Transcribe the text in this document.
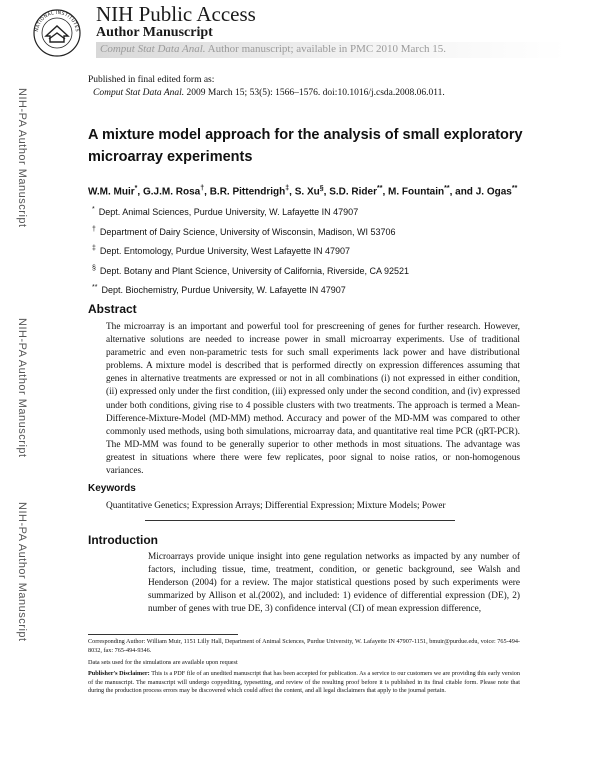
NATIONAL INSTITUTES
NIH Public Access
Author Manuscript
Comput Stat Data Anal. Author manuscript; available in PMC 2010 March 15.
Published in final edited form as:
Comput Stat Data Anal. 2009 March 15; 53(5): 1566–1576. doi:10.1016/j.csda.2008.06.011.
NIH-PA Author Manuscript
NIH-PA Author Manuscript
NIH-PA Author Manuscript
A mixture model approach for the analysis of small exploratory
microarray experiments
W.M. Muir*, G.J.M. Rosa†, B.R. Pittendrigh‡, S. Xu§, S.D. Rider**, M. Fountain**, and J. Ogas**
* Dept. Animal Sciences, Purdue University, W. Lafayette IN 47907
† Department of Dairy Science, University of Wisconsin, Madison, WI 53706
‡ Dept. Entomology, Purdue University, West Lafayette IN 47907
§ Dept. Botany and Plant Science, University of California, Riverside, CA 92521
** Dept. Biochemistry, Purdue University, W. Lafayette IN 47907
Abstract
The microarray is an important and powerful tool for prescreening of genes for further research. However, alternative solutions are needed to increase power in small microarray experiments. Use of traditional parametric and even non-parametric tests for such small experiments lack power and have distributional problems. A mixture model is described that is performed directly on expression differences assuming that genes in alternative treatments are expressed or not in all combinations (i) not expressed in either condition, (ii) expressed only under the first condition, (iii) expressed only under the second condition, and (iv) expressed under both conditions, giving rise to 4 possible clusters with two treatments. The approach is termed a Mean-Difference-Mixture-Model (MD-MM) method. Accuracy and power of the MD-MM was compared to other commonly used methods, using both simulations, microarray data, and quantitative real time PCR (qRT-PCR). The MD-MM was found to be generally superior to other methods in most situations. The advantage was greatest in situations where there were few replicates, poor signal to noise ratios, or non-homogenous variances.
Keywords
Quantitative Genetics; Expression Arrays; Differential Expression; Mixture Models; Power
Introduction
Microarrays provide unique insight into gene regulation networks as impacted by any number of factors, including tissue, time, treatment, condition, or genetic background, see Walsh and Henderson (2004) for a review. The major statistical questions posed by such experiments were summarized by Allison et al.(2002), and included: 1) evidence of differential expression (DE), 2) number of genes with true DE, 3) confidence interval (CI) of mean expression difference,
Corresponding Author: William Muir, 1151 Lilly Hall, Department of Animal Sciences, Purdue University, W. Lafayette IN 47907-1151, bmuir@purdue.edu, voice: 765-494-8032, fax: 765-494-9346.
Data sets used for the simulations are available upon request
Publisher's Disclaimer: This is a PDF file of an unedited manuscript that has been accepted for publication. As a service to our customers we are providing this early version of the manuscript. The manuscript will undergo copyediting, typesetting, and review of the resulting proof before it is published in its final citable form. Please note that during the production process errors may be discovered which could affect the content, and all legal disclaimers that apply to the journal pertain.
